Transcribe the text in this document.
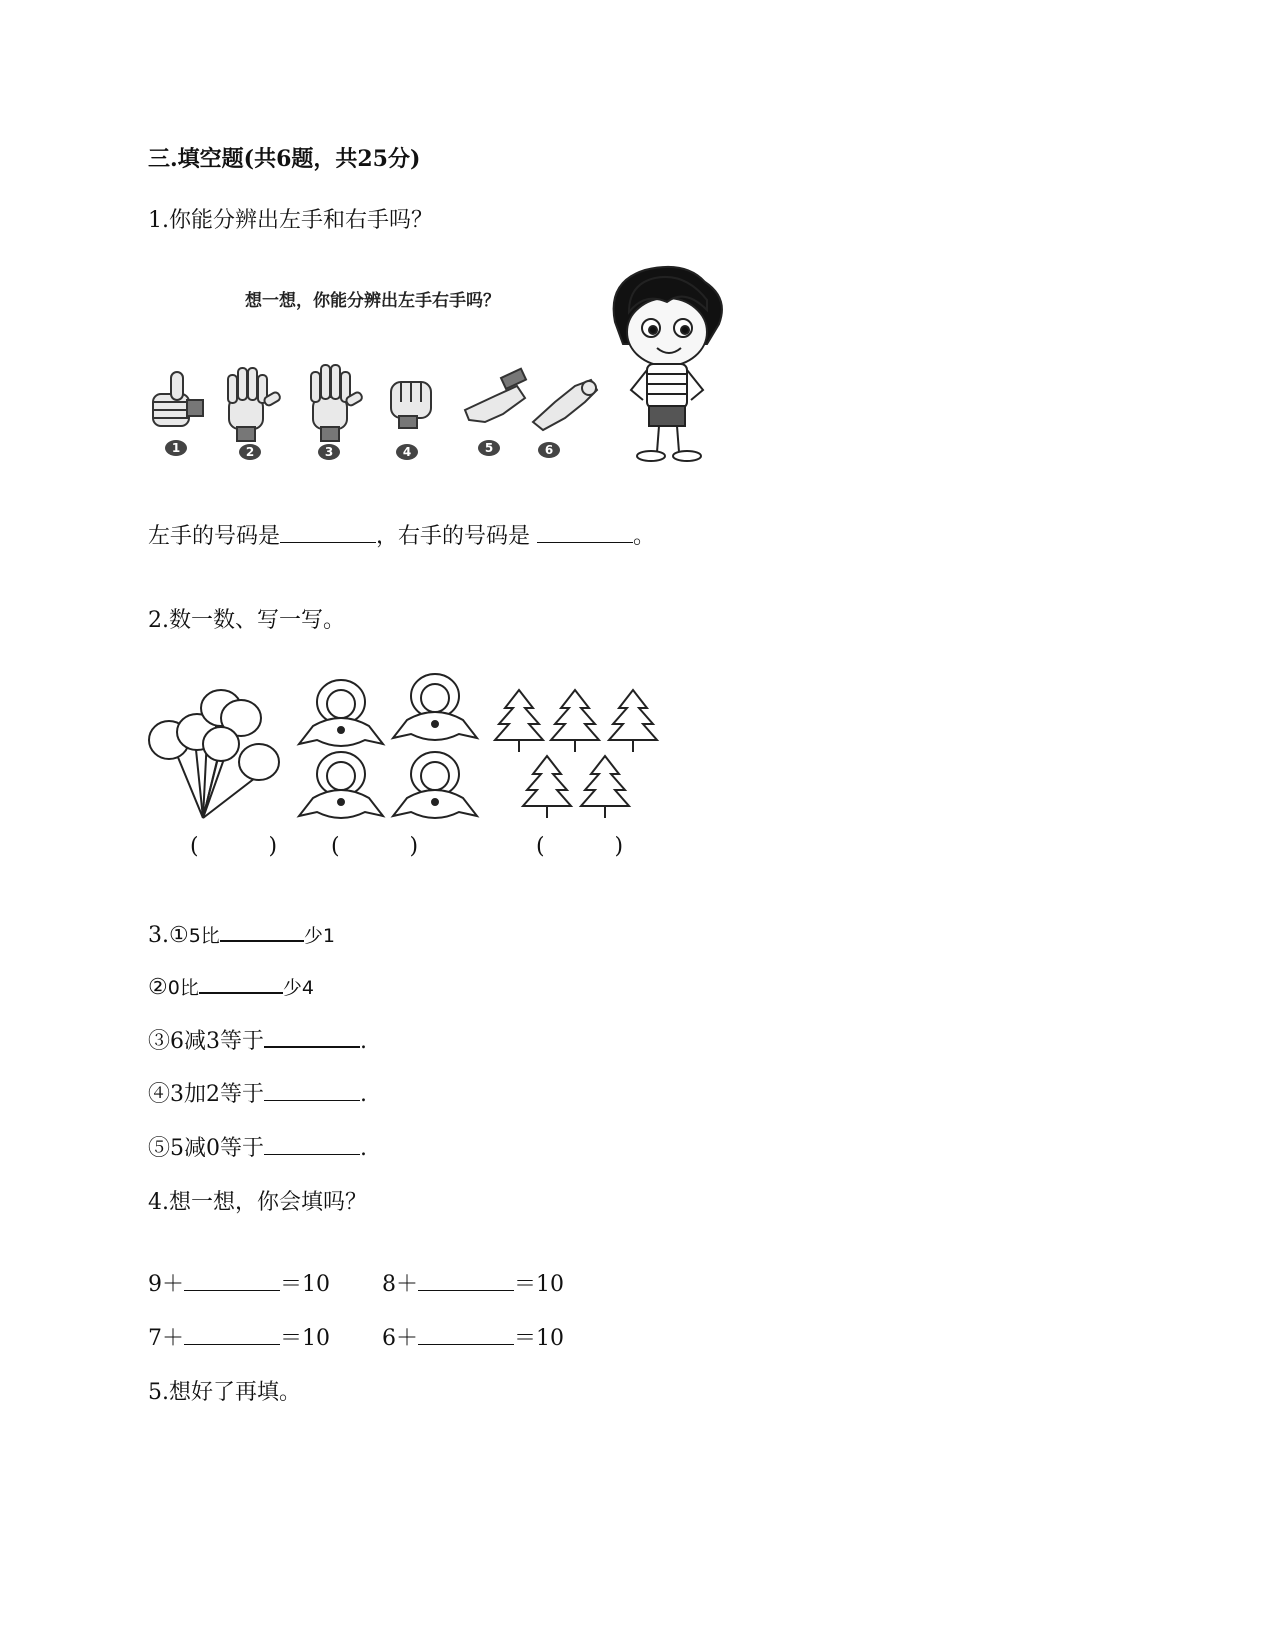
三.填空题(共6题，共25分)
1.你能分辨出左手和右手吗？
想一想，你能分辨出左手右手吗？
1	2	3	4	5	6
左手的号码是	，右手的号码是	。
2.数一数、写一写。
(          ) (          )	(          )
3.①5比	少1
②0比	少4
③6减3等于	.
④3加2等于	.
⑤5减0等于	.
4.想一想，你会填吗？
9＋	＝10 8＋	＝10
7＋	＝10 6＋	＝10
5.想好了再填。
